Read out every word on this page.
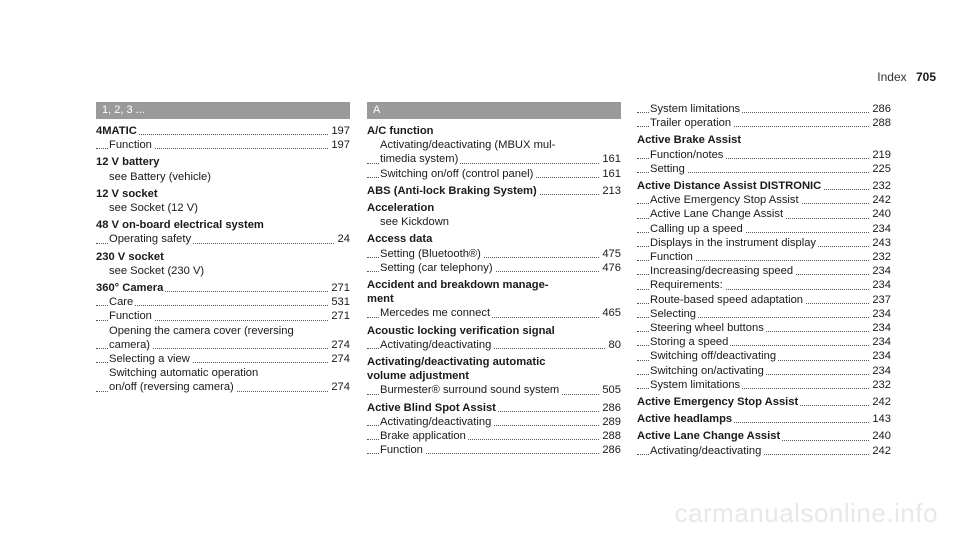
Index 705
1, 2, 3 ...
4MATIC	197
Function	197
12 V battery
see Battery (vehicle)
12 V socket
see Socket (12 V)
48 V on-board electrical system
Operating safety	24
230 V socket
see Socket (230 V)
360° Camera	271
Care	531
Function	271
Opening the camera cover (reversing
camera)	274
Selecting a view	274
Switching automatic operation
on/off (reversing camera)	274
A
A/C function
Activating/deactivating (MBUX mul-
timedia system)	161
Switching on/off (control panel)	161
ABS (Anti-lock Braking System)	213
Acceleration
see Kickdown
Access data
Setting (Bluetooth®)	475
Setting (car telephony)	476
Accident and breakdown manage-
ment
Mercedes me connect	465
Acoustic locking verification signal
Activating/deactivating	80
Activating/deactivating automatic
volume adjustment
Burmester® surround sound system	505
Active Blind Spot Assist	286
Activating/deactivating	289
Brake application	288
Function	286
System limitations	286
Trailer operation	288
Active Brake Assist
Function/notes	219
Setting	225
Active Distance Assist DISTRONIC	232
Active Emergency Stop Assist	242
Active Lane Change Assist	240
Calling up a speed	234
Displays in the instrument display	243
Function	232
Increasing/decreasing speed	234
Requirements:	234
Route-based speed adaptation	237
Selecting	234
Steering wheel buttons	234
Storing a speed	234
Switching off/deactivating	234
Switching on/activating	234
System limitations	232
Active Emergency Stop Assist	242
Active headlamps	143
Active Lane Change Assist	240
Activating/deactivating	242
carmanualsonline.info
